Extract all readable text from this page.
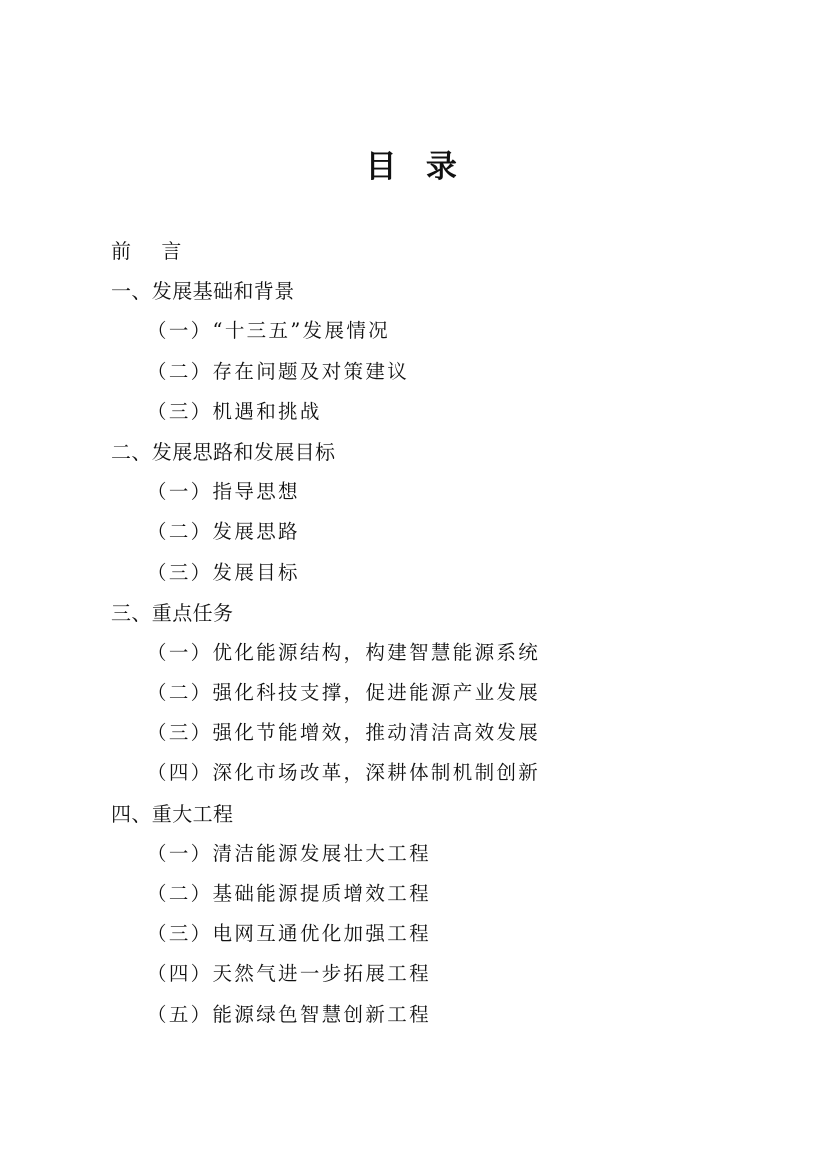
目 录
前 言
一、发展基础和背景
（一）“十三五”发展情况
（二）存在问题及对策建议
（三）机遇和挑战
二、发展思路和发展目标
（一）指导思想
（二）发展思路
（三）发展目标
三、重点任务
（一）优化能源结构，构建智慧能源系统
（二）强化科技支撑，促进能源产业发展
（三）强化节能增效，推动清洁高效发展
（四）深化市场改革，深耕体制机制创新
四、重大工程
（一）清洁能源发展壮大工程
（二）基础能源提质增效工程
（三）电网互通优化加强工程
（四）天然气进一步拓展工程
（五）能源绿色智慧创新工程
